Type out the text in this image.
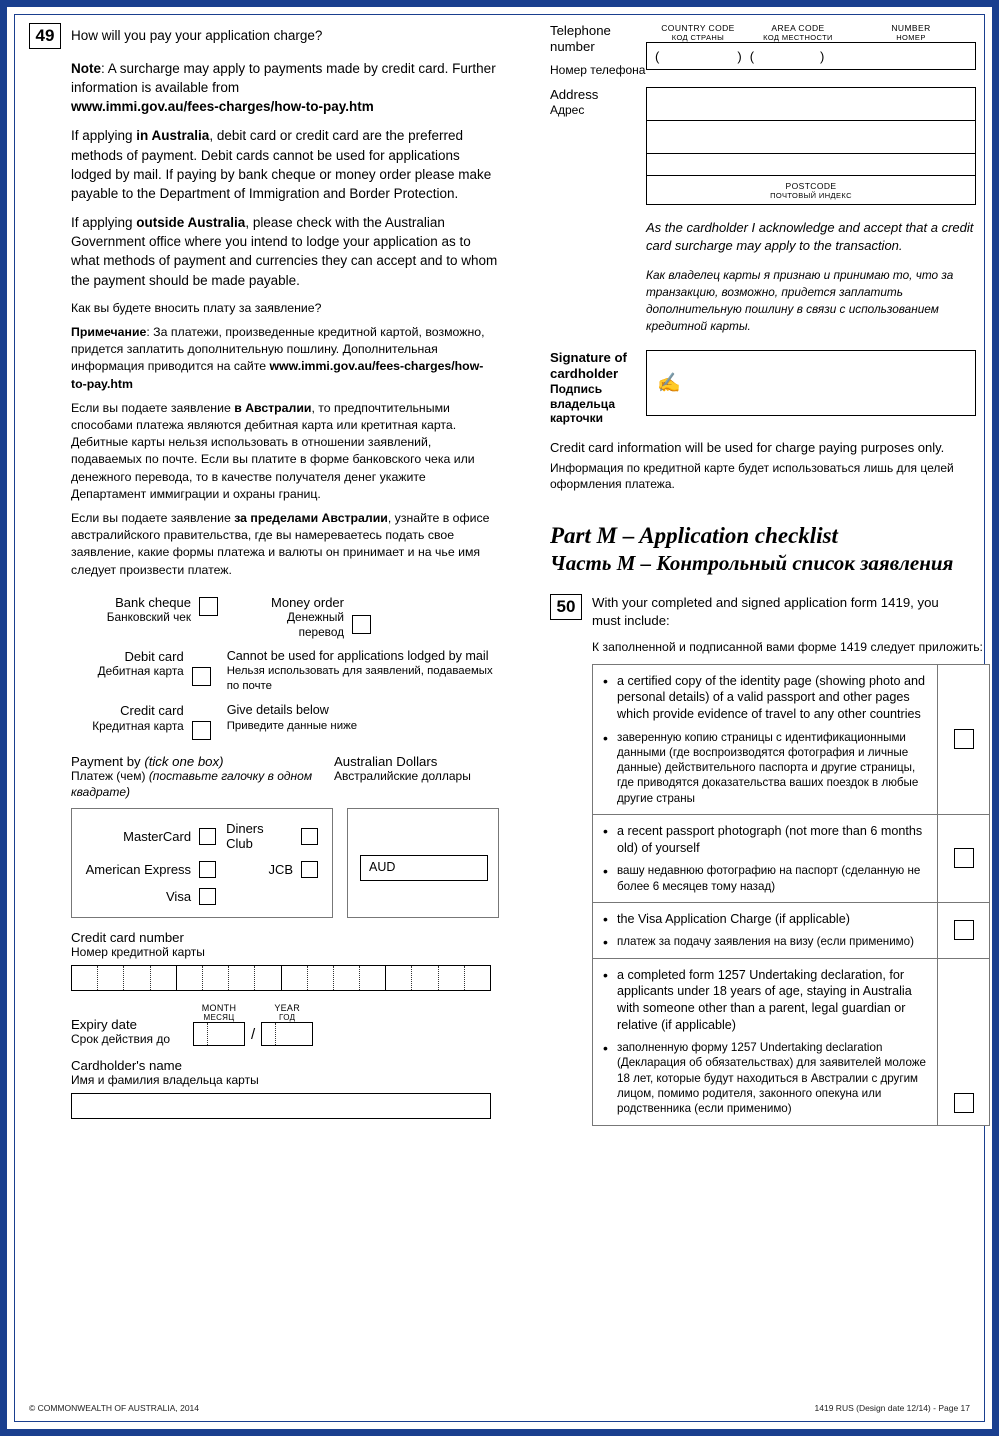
49	How will you pay your application charge?

Note: A surcharge may apply to payments made by credit card. Further information is available from
www.immi.gov.au/fees-charges/how-to-pay.htm

If applying in Australia, debit card or credit card are the preferred methods of payment. Debit cards cannot be used for applications lodged by mail. If paying by bank cheque or money order please make payable to the Department of Immigration and Border Protection.

If applying outside Australia, please check with the Australian Government office where you intend to lodge your application as to what methods of payment and currencies they can accept and to whom the payment should be made payable.

Как вы будете вносить плату за заявление?

Примечание: За платежи, произведенные кредитной картой, возможно, придется заплатить дополнительную пошлину. Дополнительная информация приводится на сайте www.immi.gov.au/fees-charges/how-to-pay.htm

Если вы подаете заявление в Австралии, то предпочтительными способами платежа являются дебитная карта или кретитная карта. Дебитные карты нельзя использовать в отношении заявлений, подаваемых по почте. Если вы платите в форме банковского чека или денежного перевода, то в качестве получателя денег укажите Департамент иммиграции и охраны границ.

Если вы подаете заявление за пределами Австралии, узнайте в офисе австралийского правительства, где вы намереваетесь подать свое заявление, какие формы платежа и валюты он принимает и на чье имя следует произвести платеж.

Bank cheque
Банковский чек
Money order
Денежный перевод
Debit card
Дебитная карта
Cannot be used for applications lodged by mail
Нельзя использовать для заявлений, подаваемых по почте
Credit card
Кредитная карта
Give details below
Приведите данные ниже
Payment by (tick one box)
Платеж (чем) (поставьте галочку в одном квадрате)
Australian Dollars
Австралийские доллары
MasterCard	Diners Club
American Express	JCB
Visa
AUD
Credit card number
Номер кредитной карты
Expiry date
Срок действия до
MONTH
МЕСЯЦ
/
YEAR
ГОД
Cardholder's name
Имя и фамилия владельца карты
Telephone number
Номер телефона
COUNTRY CODE
КОД СТРАНЫ
AREA CODE
КОД МЕСТНОСТИ
NUMBER
НОМЕР
(	) (	)
Address
Адрес
POSTCODE
ПОЧТОВЫЙ ИНДЕКС
As the cardholder I acknowledge and accept that a credit card surcharge may apply to the transaction.
Как владелец карты я признаю и принимаю то, что за транзакцию, возможно, придется заплатить дополнительную пошлину в связи с использованием кредитной карты.
Signature of cardholder
Подпись владельца карточки
✍
Credit card information will be used for charge paying purposes only.
Информация по кредитной карте будет использоваться лишь для целей оформления платежа.
Part M – Application checklist
Часть M – Контрольный список заявления
50	With your completed and signed application form 1419, you must include:
К заполненной и подписанной вами форме 1419 следует приложить:
• a certified copy of the identity page (showing photo and personal details) of a valid passport and other pages which provide evidence of travel to any other countries
• заверенную копию страницы с идентификационными данными (где воспроизводятся фотография и личные данные) действительного паспорта и другие страницы, где приводятся доказательства ваших поездок в любые другие страны
• a recent passport photograph (not more than 6 months old) of yourself
• вашу недавнюю фотографию на паспорт (сделанную не более 6 месяцев тому назад)
• the Visa Application Charge (if applicable)
• платеж за подачу заявления на визу (если применимо)
• a completed form 1257 Undertaking declaration, for applicants under 18 years of age, staying in Australia with someone other than a parent, legal guardian or relative (if applicable)
• заполненную форму 1257 Undertaking declaration (Декларация об обязательствах) для заявителей моложе 18 лет, которые будут находиться в Австралии с другим лицом, помимо родителя, законного опекуна или родственника (если применимо)
© COMMONWEALTH OF AUSTRALIA, 2014	1419 RUS (Design date 12/14) - Page 17
